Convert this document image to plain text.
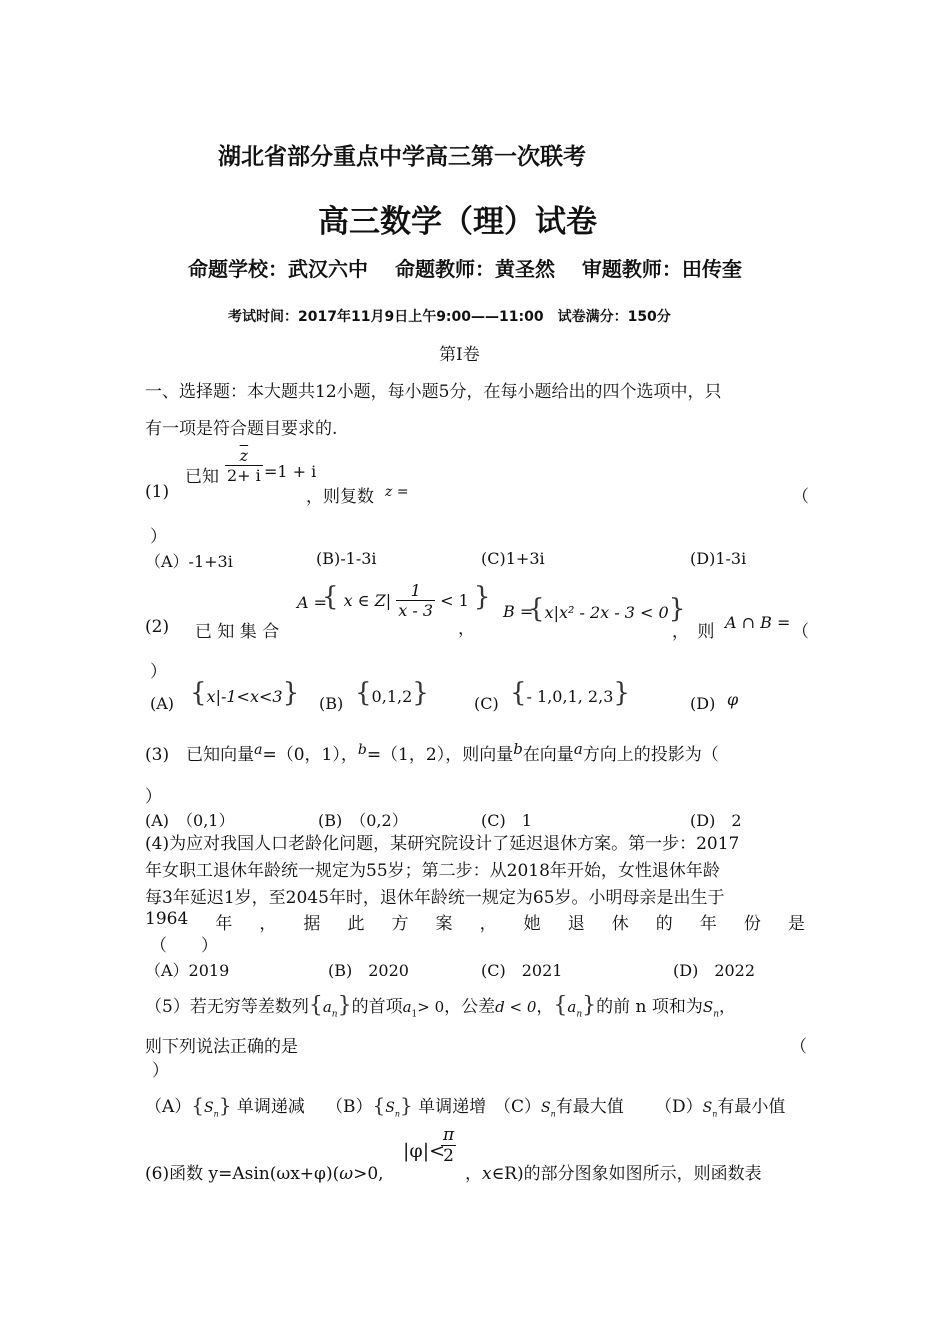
湖北省部分重点中学高三第一次联考
高三数学（理）试卷
命题学校：武汉六中　 命题教师：黄圣然　 审题教师：田传奎
考试时间：2017年11月9日上午9:00——11:00　试卷满分：150分
第Ⅰ卷
一、选择题：本大题共12小题，每小题5分，在每小题给出的四个选项中，只
有一项是符合题目要求的.
(1)
已知 $\frac{\overline{z}}{2+ i} =1 + i$
，则复数 z =	（
）
（A）-1+3i	(B)-1-3i	(C)1+3i	(D)1-3i
(2) 已 知 集 合
A =
{ x ∈ $Z| \frac{1}{x - 3} < 1$ }
，
B =
{x|x² - 2x - 3 < 0}
，　则 A ∩ B = （
）
(A) {x|-1<x<3} (B) {0,1,2}	(C) {- 1,0,1, 2,3}	(D) φ
(3)　已知向量$^a$=（0，1），$^b$=（1，2），则向量b在向量a方向上的投影为（
）
(A)　（0,1）	(B)　（0,2）	(C)　1	(D)　2
(4)为应对我国人口老龄化问题，某研究院设计了延迟退休方案。第一步：2017
年女职工退休年龄统一规定为55岁；第二步：从2018年开始，女性退休年龄
每3年延迟1岁，至2045年时，退休年龄统一规定为65岁。小明母亲是出生于
1964 年 ， 据 此 方 案 ， 她 退 休 的 年 份 是
（　　）
（A）2019	(B)　2020	(C)　2021	(D)　2022
（5）若无穷等差数列$\{a_n\}$的首项$a_1> 0$，公差d < 0，$\{a_n\}$的前 n 项和为$S_n$，
则下列说法正确的是	（
）
$(A)\{S_n\}$ 单调递减 $(B)\{S_n\}$ 单调递增 $(C)S_n$有最大值 $(D)S_n$有最小值
(6)函数 y=Asin(ωx+φ)(ω>0,
|φ|<
$\frac{\pi}{2}$
，x∈R)的部分图象如图所示，则函数表
